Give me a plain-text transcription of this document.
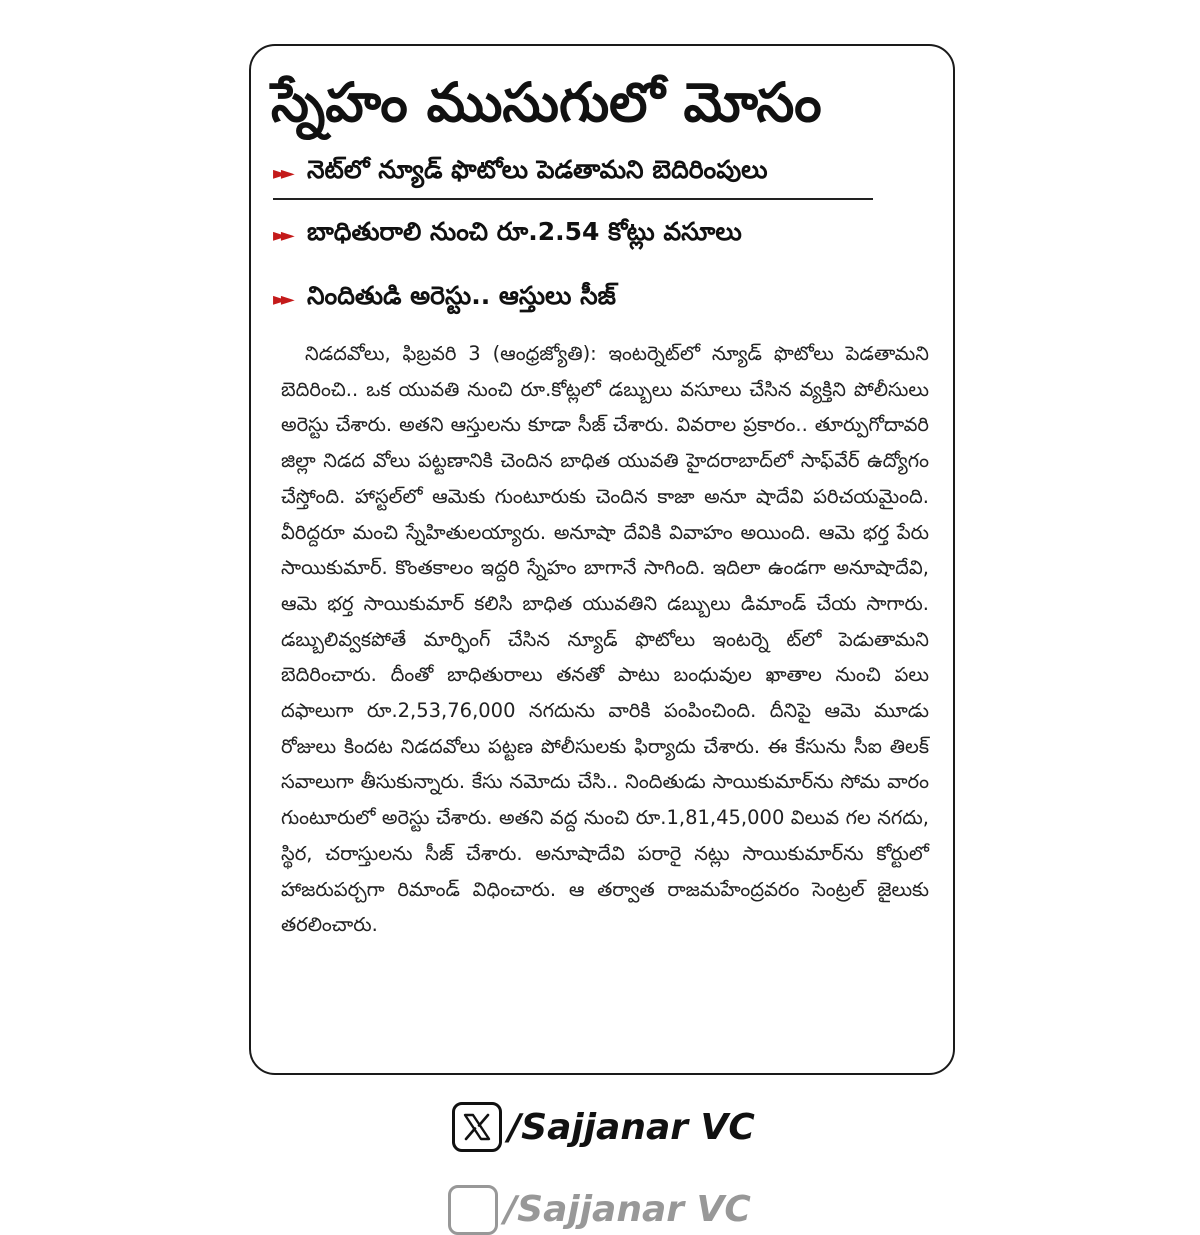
స్నేహం ముసుగులో మోసం
►► నెట్‌లో న్యూడ్ ఫొటోలు పెడతామని బెదిరింపులు
►► బాధితురాలి నుంచి రూ.2.54 కోట్లు వసూలు
►► నిందితుడి అరెస్టు.. ఆస్తులు సీజ్

నిడదవోలు, ఫిబ్రవరి 3 (ఆంధ్రజ్యోతి): ఇంటర్నెట్‌లో న్యూడ్ ఫొటోలు పెడతామని బెదిరించి.. ఒక యువతి నుంచి రూ.కోట్లలో డబ్బులు వసూలు చేసిన వ్యక్తిని పోలీసులు అరెస్టు చేశారు. అతని ఆస్తులను కూడా సీజ్ చేశారు. వివరాల ప్రకారం.. తూర్పుగోదావరి జిల్లా నిడద వోలు పట్టణానికి చెందిన బాధిత యువతి హైదరాబాద్‌లో సాఫ్‌వేర్ ఉద్యోగం చేస్తోంది. హాస్టల్‌లో ఆమెకు గుంటూరుకు చెందిన కాజా అనూ షాదేవి పరిచయమైంది. వీరిద్దరూ మంచి స్నేహితులయ్యారు. అనూషా దేవికి వివాహం అయింది. ఆమె భర్త పేరు సాయికుమార్. కొంతకాలం ఇద్దరి స్నేహం బాగానే సాగింది. ఇదిలా ఉండగా అనూషాదేవి, ఆమె భర్త సాయికుమార్ కలిసి బాధిత యువతిని డబ్బులు డిమాండ్ చేయ సాగారు. డబ్బులివ్వకపోతే మార్ఫింగ్ చేసిన న్యూడ్ ఫొటోలు ఇంటర్నె ట్‌లో పెడుతామని బెదిరించారు. దీంతో బాధితురాలు తనతో పాటు బంధువుల ఖాతాల నుంచి పలు దఫాలుగా రూ.2,53,76,000 నగదును వారికి పంపించింది. దీనిపై ఆమె మూడు రోజులు కిందట నిడదవోలు పట్టణ పోలీసులకు ఫిర్యాదు చేశారు. ఈ కేసును సీఐ తిలక్ సవాలుగా తీసుకున్నారు. కేసు నమోదు చేసి.. నిందితుడు సాయికుమార్‌ను సోమ వారం గుంటూరులో అరెస్టు చేశారు. అతని వద్ద నుంచి రూ.1,81,45,000 విలువ గల నగదు, స్థిర, చరాస్తులను సీజ్ చేశారు. అనూషాదేవి పరారై నట్లు సాయికుమార్‌ను కోర్టులో హాజరుపర్చగా రిమాండ్ విధించారు. ఆ తర్వాత రాజమహేంద్రవరం సెంట్రల్ జైలుకు తరలించారు.

/Sajjanar VC
/Sajjanar VC
